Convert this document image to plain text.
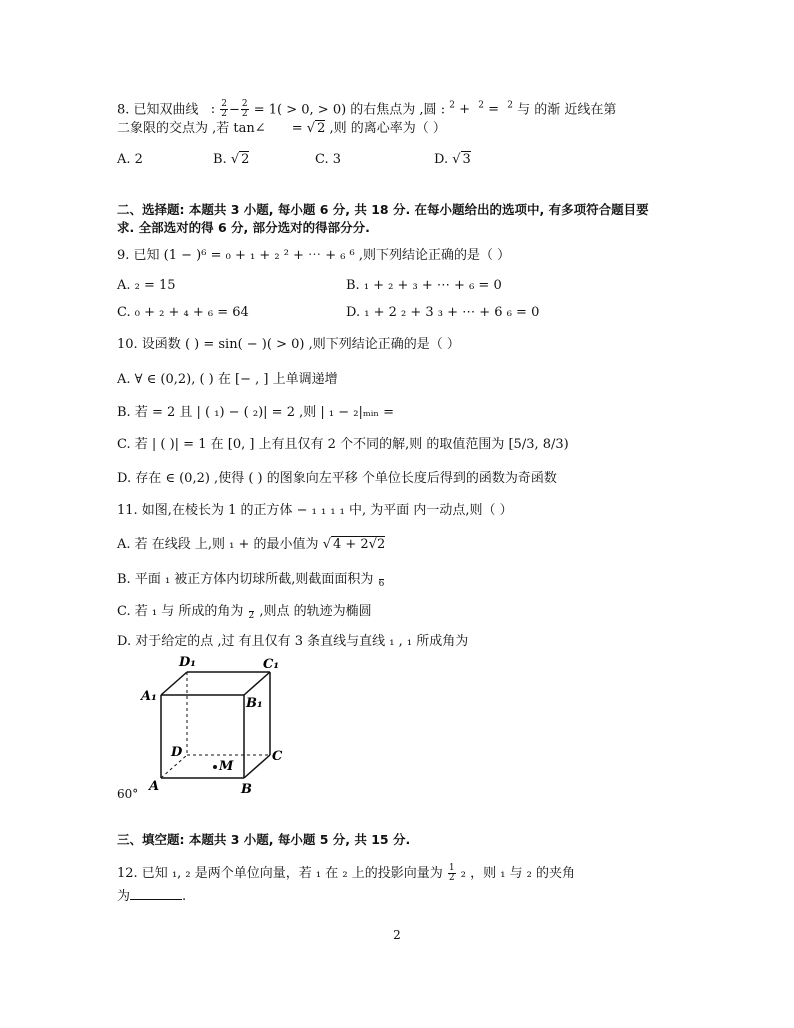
8. 已知双曲线 : $\frac{2}{2} - \frac{2}{2} = 1( > 0$, > 0) 的右焦点为 ,圆 : $^2$ +  $^2$ =  $^2$ 与 的渐 近线在第
二象限的交点为 ,若 tan∠ = √ 2 ,则 的离心率为（ ）
A. 2	B. √ 2	C. 3	D. √ 3
二、选择题: 本题共 3 小题, 每小题 6 分, 共 18 分. 在每小题给出的选项中, 有多项符合题目要
求. 全部选对的得 6 分, 部分选对的得部分分.
9. 已知 (1 − )⁶ = ₀ + ₁ + ₂ ² + ⋯ + ₆ ⁶ ,则下列结论正确的是（ ）
A. ₂ = 15	B. ₁ + ₂ + ₃ + ⋯ + ₆ = 0
C. ₀ + ₂ + ₄ + ₆ = 64	D. ₁ + 2 ₂ + 3 ₃ + ⋯ + 6 ₆ = 0
10. 设函数 ( ) = sin( − )( > 0) ,则下列结论正确的是（ ）
A. ∀ ∈ (0,2), ( ) 在 [− , ] 上单调递增
B. 若 = 2 且 | ( ₁) − ( ₂)| = 2 ,则 | ₁ − ₂|ₘᵢₙ =
C. 若 | ( )| = 1 在 [0, ] 上有且仅有 2 个不同的解,则 的取值范围为 [5/3, 8/3)
D. 存在 ∈ (0,2) ,使得 ( ) 的图象向左平移 个单位长度后得到的函数为奇函数
11. 如图,在棱长为 1 的正方体 − ₁ ₁ ₁ ₁ 中, 为平面 内一动点,则（ ）
A. 若 在线段 上,则 ₁ + 的最小值为 √ 4 + 2√2
B. 平面 ₁ 被正方体内切球所截,则截面面积为
6
C. 若 ₁ 与 所成的角为
2 ,则点 的轨迹为椭圆
D. 对于给定的点 ,过 有且仅有 3 条直线与直线 ₁ , ₁ 所成角为
D₁	C₁
A₁	B₁
D	C
A	B
M
60°
三、填空题: 本题共 3 小题, 每小题 5 分, 共 15 分.
12. 已知 ₁, ₂ 是两个单位向量，若 ₁ 在 ₂ 上的投影向量为 $\frac{1}{2} _2$ ，则 ₁ 与 ₂ 的夹角
为	.
2
